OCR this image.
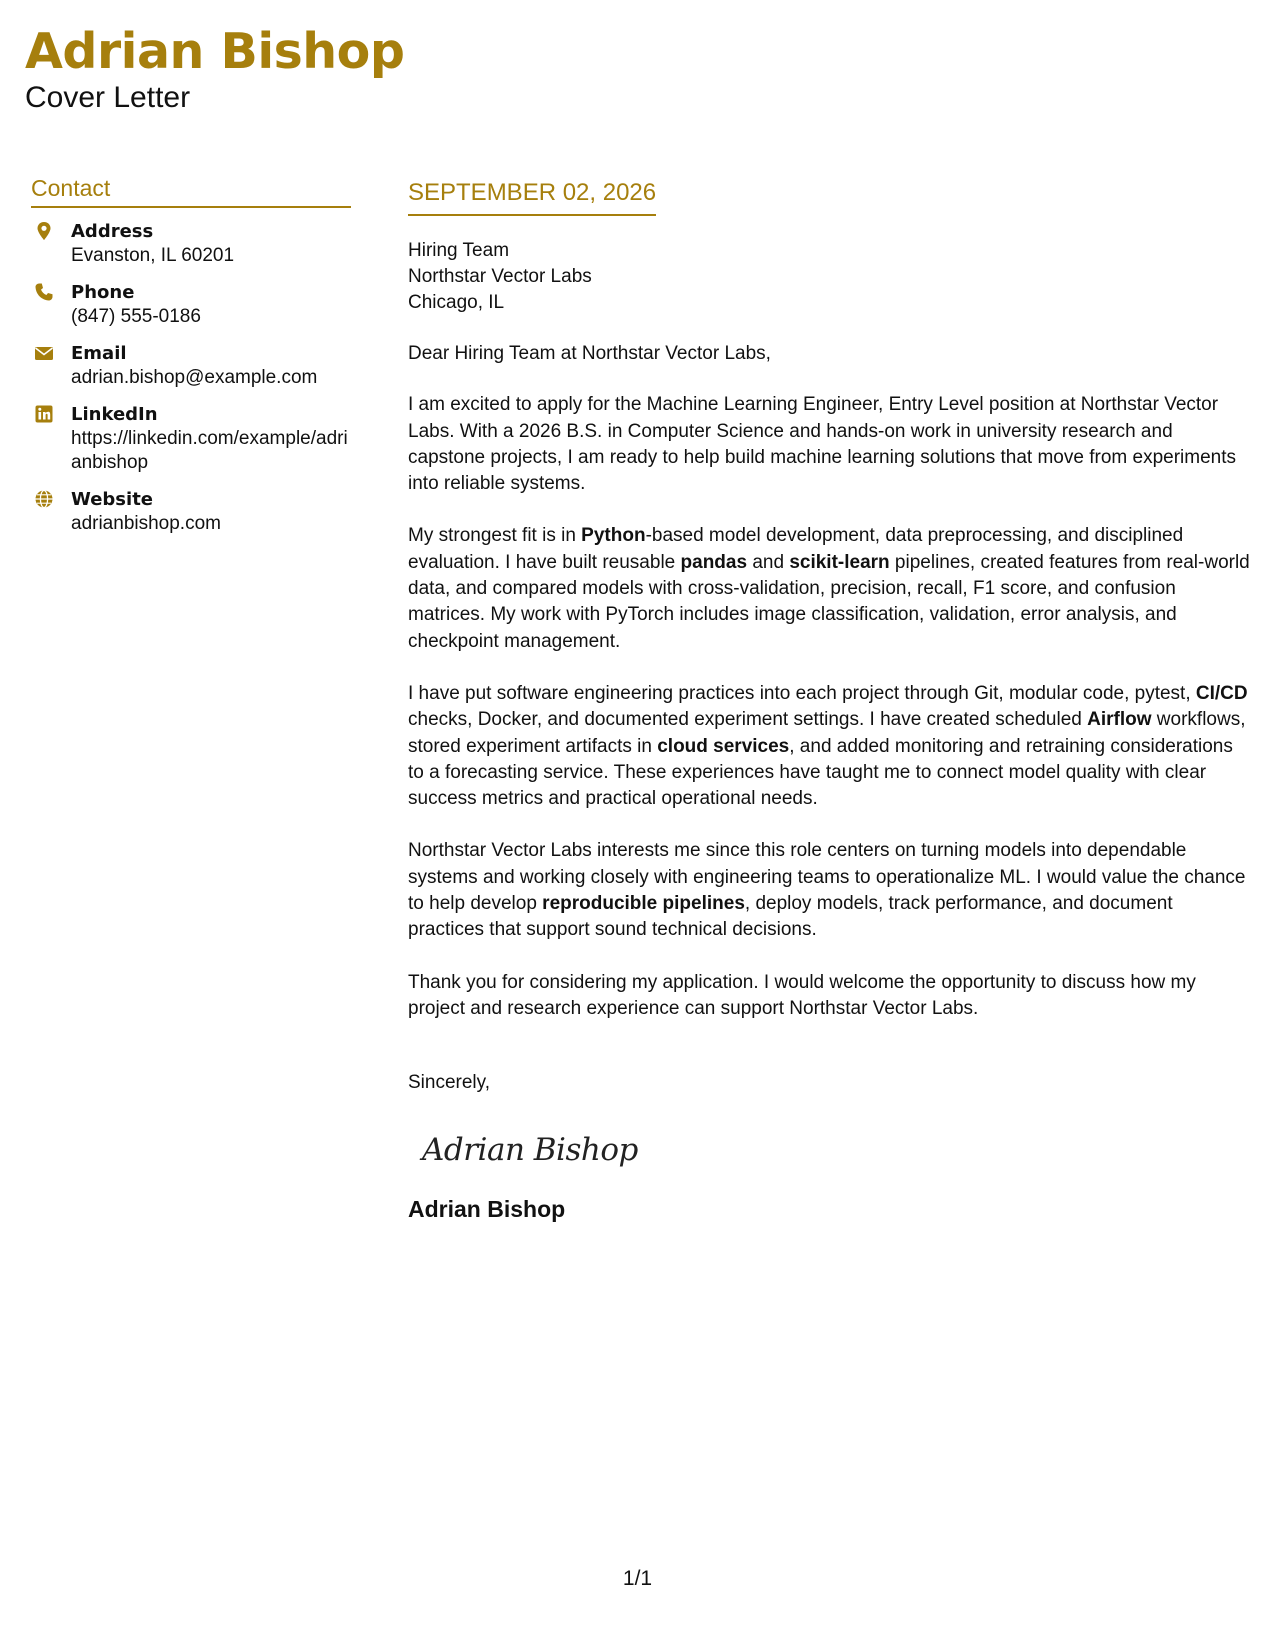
Adrian Bishop
Cover Letter
Contact
Address
Evanston, IL 60201
Phone
(847) 555-0186
Email
adrian.bishop@example.com
LinkedIn
https://linkedin.com/example/adrianbishop
Website
adrianbishop.com
SEPTEMBER 02, 2026
Hiring Team
Northstar Vector Labs
Chicago, IL

Dear Hiring Team at Northstar Vector Labs,

I am excited to apply for the Machine Learning Engineer, Entry Level position at Northstar Vector Labs. With a 2026 B.S. in Computer Science and hands-on work in university research and capstone projects, I am ready to help build machine learning solutions that move from experiments into reliable systems.

My strongest fit is in Python-based model development, data preprocessing, and disciplined evaluation. I have built reusable pandas and scikit-learn pipelines, created features from real-world data, and compared models with cross-validation, precision, recall, F1 score, and confusion matrices. My work with PyTorch includes image classification, validation, error analysis, and checkpoint management.

I have put software engineering practices into each project through Git, modular code, pytest, CI/CD checks, Docker, and documented experiment settings. I have created scheduled Airflow workflows, stored experiment artifacts in cloud services, and added monitoring and retraining considerations to a forecasting service. These experiences have taught me to connect model quality with clear success metrics and practical operational needs.

Northstar Vector Labs interests me since this role centers on turning models into dependable systems and working closely with engineering teams to operationalize ML. I would value the chance to help develop reproducible pipelines, deploy models, track performance, and document practices that support sound technical decisions.

Thank you for considering my application. I would welcome the opportunity to discuss how my project and research experience can support Northstar Vector Labs.

Sincerely,
Adrian Bishop
Adrian Bishop
1/1
